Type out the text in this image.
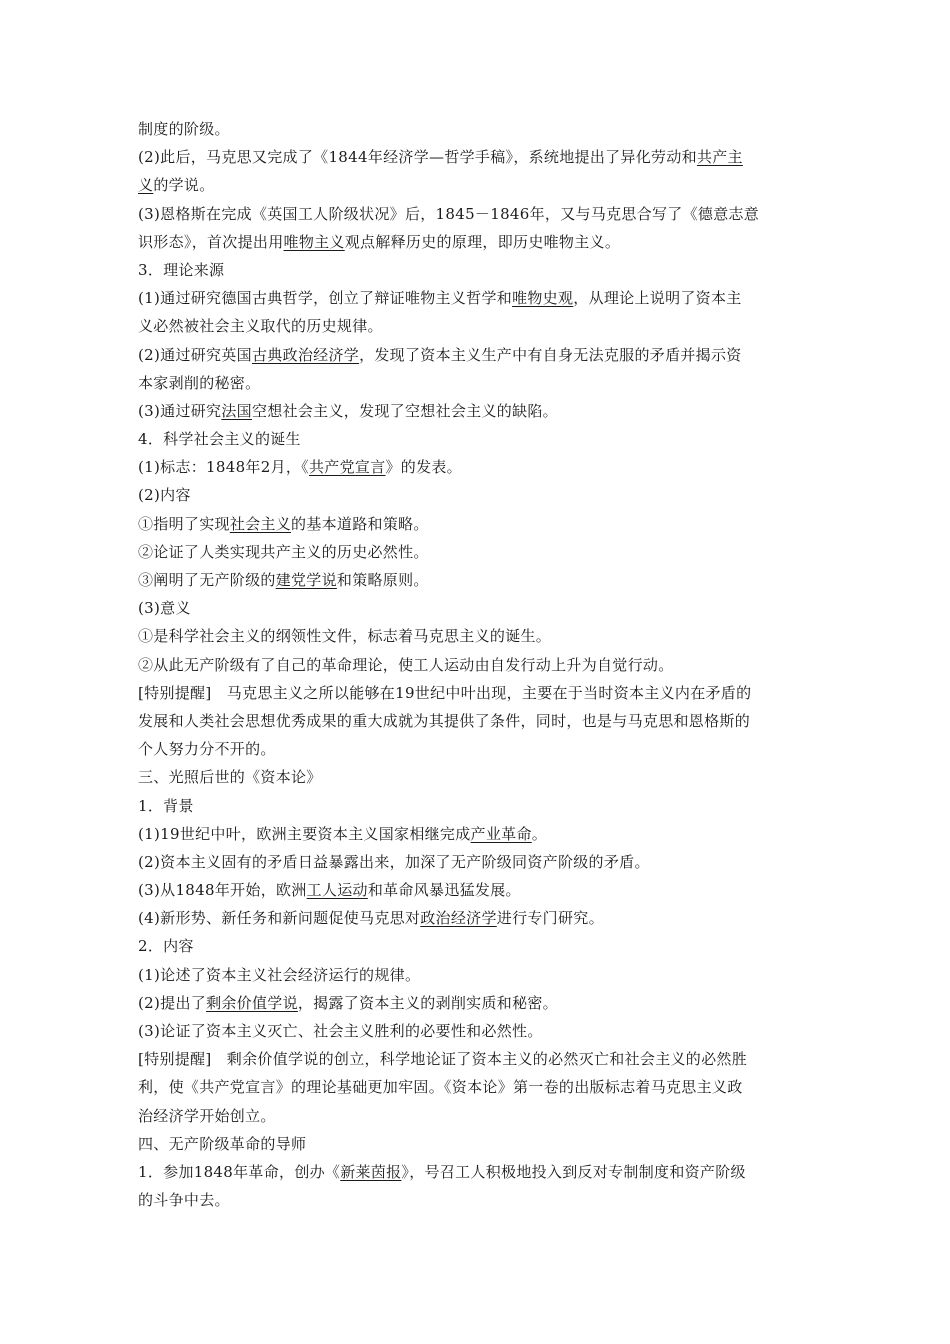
制度的阶级。
(2)此后，马克思又完成了《1844年经济学—哲学手稿》，系统地提出了异化劳动和共产主
义的学说。
(3)恩格斯在完成《英国工人阶级状况》后，1845－1846年，又与马克思合写了《德意志意
识形态》，首次提出用唯物主义观点解释历史的原理，即历史唯物主义。
3．理论来源
(1)通过研究德国古典哲学，创立了辩证唯物主义哲学和唯物史观，从理论上说明了资本主
义必然被社会主义取代的历史规律。
(2)通过研究英国古典政治经济学，发现了资本主义生产中有自身无法克服的矛盾并揭示资
本家剥削的秘密。
(3)通过研究法国空想社会主义，发现了空想社会主义的缺陷。
4．科学社会主义的诞生
(1)标志：1848年2月，《共产党宣言》的发表。
(2)内容
①指明了实现社会主义的基本道路和策略。
②论证了人类实现共产主义的历史必然性。
③阐明了无产阶级的建党学说和策略原则。
(3)意义
①是科学社会主义的纲领性文件，标志着马克思主义的诞生。
②从此无产阶级有了自己的革命理论，使工人运动由自发行动上升为自觉行动。
[特别提醒]　马克思主义之所以能够在19世纪中叶出现，主要在于当时资本主义内在矛盾的
发展和人类社会思想优秀成果的重大成就为其提供了条件，同时，也是与马克思和恩格斯的
个人努力分不开的。
三、光照后世的《资本论》
1．背景
(1)19世纪中叶，欧洲主要资本主义国家相继完成产业革命。
(2)资本主义固有的矛盾日益暴露出来，加深了无产阶级同资产阶级的矛盾。
(3)从1848年开始，欧洲工人运动和革命风暴迅猛发展。
(4)新形势、新任务和新问题促使马克思对政治经济学进行专门研究。
2．内容
(1)论述了资本主义社会经济运行的规律。
(2)提出了剩余价值学说，揭露了资本主义的剥削实质和秘密。
(3)论证了资本主义灭亡、社会主义胜利的必要性和必然性。
[特别提醒]　剩余价值学说的创立，科学地论证了资本主义的必然灭亡和社会主义的必然胜
利，使《共产党宣言》的理论基础更加牢固。《资本论》第一卷的出版标志着马克思主义政
治经济学开始创立。
四、无产阶级革命的导师
1．参加1848年革命，创办《新莱茵报》，号召工人积极地投入到反对专制制度和资产阶级
的斗争中去。
